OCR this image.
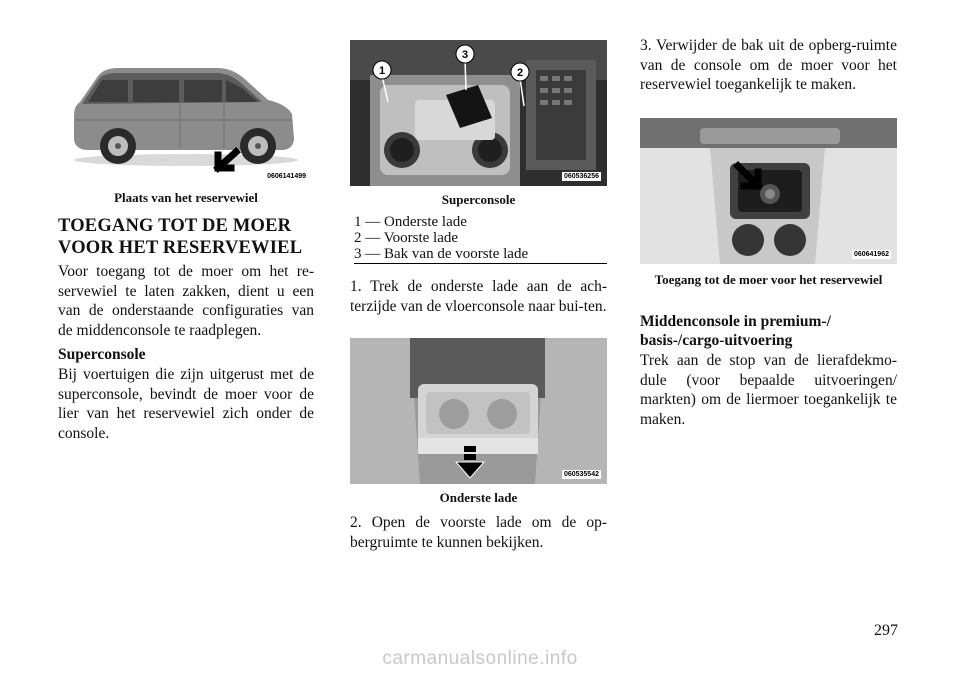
0606141499
Plaats van het reservewiel
TOEGANG TOT DE MOER VOOR HET RESERVEWIEL
Voor toegang tot de moer om het re-servewiel te laten zakken, dient u een van de onderstaande configuraties van de middenconsole te raadplegen.
Superconsole
Bij voertuigen die zijn uitgerust met de superconsole, bevindt de moer voor de lier van het reservewiel zich onder de console.
1
3
2
060536256
Superconsole
1 — Onderste lade
2 — Voorste lade
3 — Bak van de voorste lade
1. Trek de onderste lade aan de ach-terzijde van de vloerconsole naar bui-ten.
060535542
Onderste lade
2. Open de voorste lade om de op-bergruimte te kunnen bekijken.
3. Verwijder de bak uit de opberg-ruimte van de console om de moer voor het reservewiel toegankelijk te maken.
060641962
Toegang tot de moer voor het reservewiel
Middenconsole in premium-/ basis-/cargo-uitvoering
Trek aan de stop van de lierafdekmo-dule (voor bepaalde uitvoeringen/ markten) om de liermoer toegankelijk te maken.
297
carmanualsonline.info
